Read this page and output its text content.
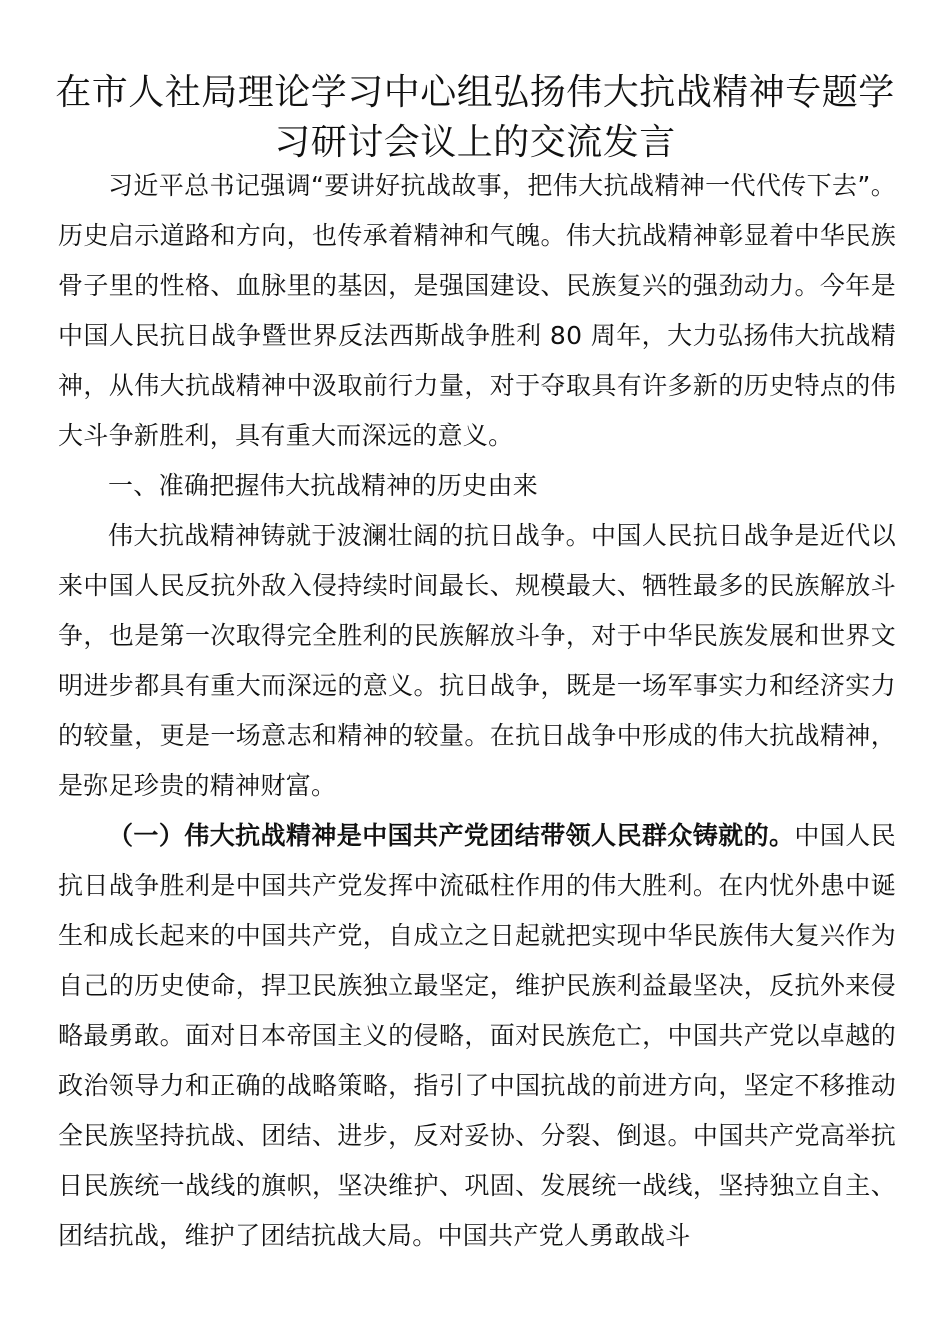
在市人社局理论学习中心组弘扬伟大抗战精神专题学习研讨会议上的交流发言

习近平总书记强调“要讲好抗战故事，把伟大抗战精神一代代传下去”。历史启示道路和方向，也传承着精神和气魄。伟大抗战精神彰显着中华民族骨子里的性格、血脉里的基因，是强国建设、民族复兴的强劲动力。今年是中国人民抗日战争暨世界反法西斯战争胜利 80 周年，大力弘扬伟大抗战精神，从伟大抗战精神中汲取前行力量，对于夺取具有许多新的历史特点的伟大斗争新胜利，具有重大而深远的意义。

一、准确把握伟大抗战精神的历史由来

伟大抗战精神铸就于波澜壮阔的抗日战争。中国人民抗日战争是近代以来中国人民反抗外敌入侵持续时间最长、规模最大、牺牲最多的民族解放斗争，也是第一次取得完全胜利的民族解放斗争，对于中华民族发展和世界文明进步都具有重大而深远的意义。抗日战争，既是一场军事实力和经济实力的较量，更是一场意志和精神的较量。在抗日战争中形成的伟大抗战精神，是弥足珍贵的精神财富。

（一）伟大抗战精神是中国共产党团结带领人民群众铸就的。中国人民抗日战争胜利是中国共产党发挥中流砥柱作用的伟大胜利。在内忧外患中诞生和成长起来的中国共产党，自成立之日起就把实现中华民族伟大复兴作为自己的历史使命，捍卫民族独立最坚定，维护民族利益最坚决，反抗外来侵略最勇敢。面对日本帝国主义的侵略，面对民族危亡，中国共产党以卓越的政治领导力和正确的战略策略，指引了中国抗战的前进方向，坚定不移推动全民族坚持抗战、团结、进步，反对妥协、分裂、倒退。中国共产党高举抗日民族统一战线的旗帜，坚决维护、巩固、发展统一战线，坚持独立自主、团结抗战，维护了团结抗战大局。中国共产党人勇敢战斗
